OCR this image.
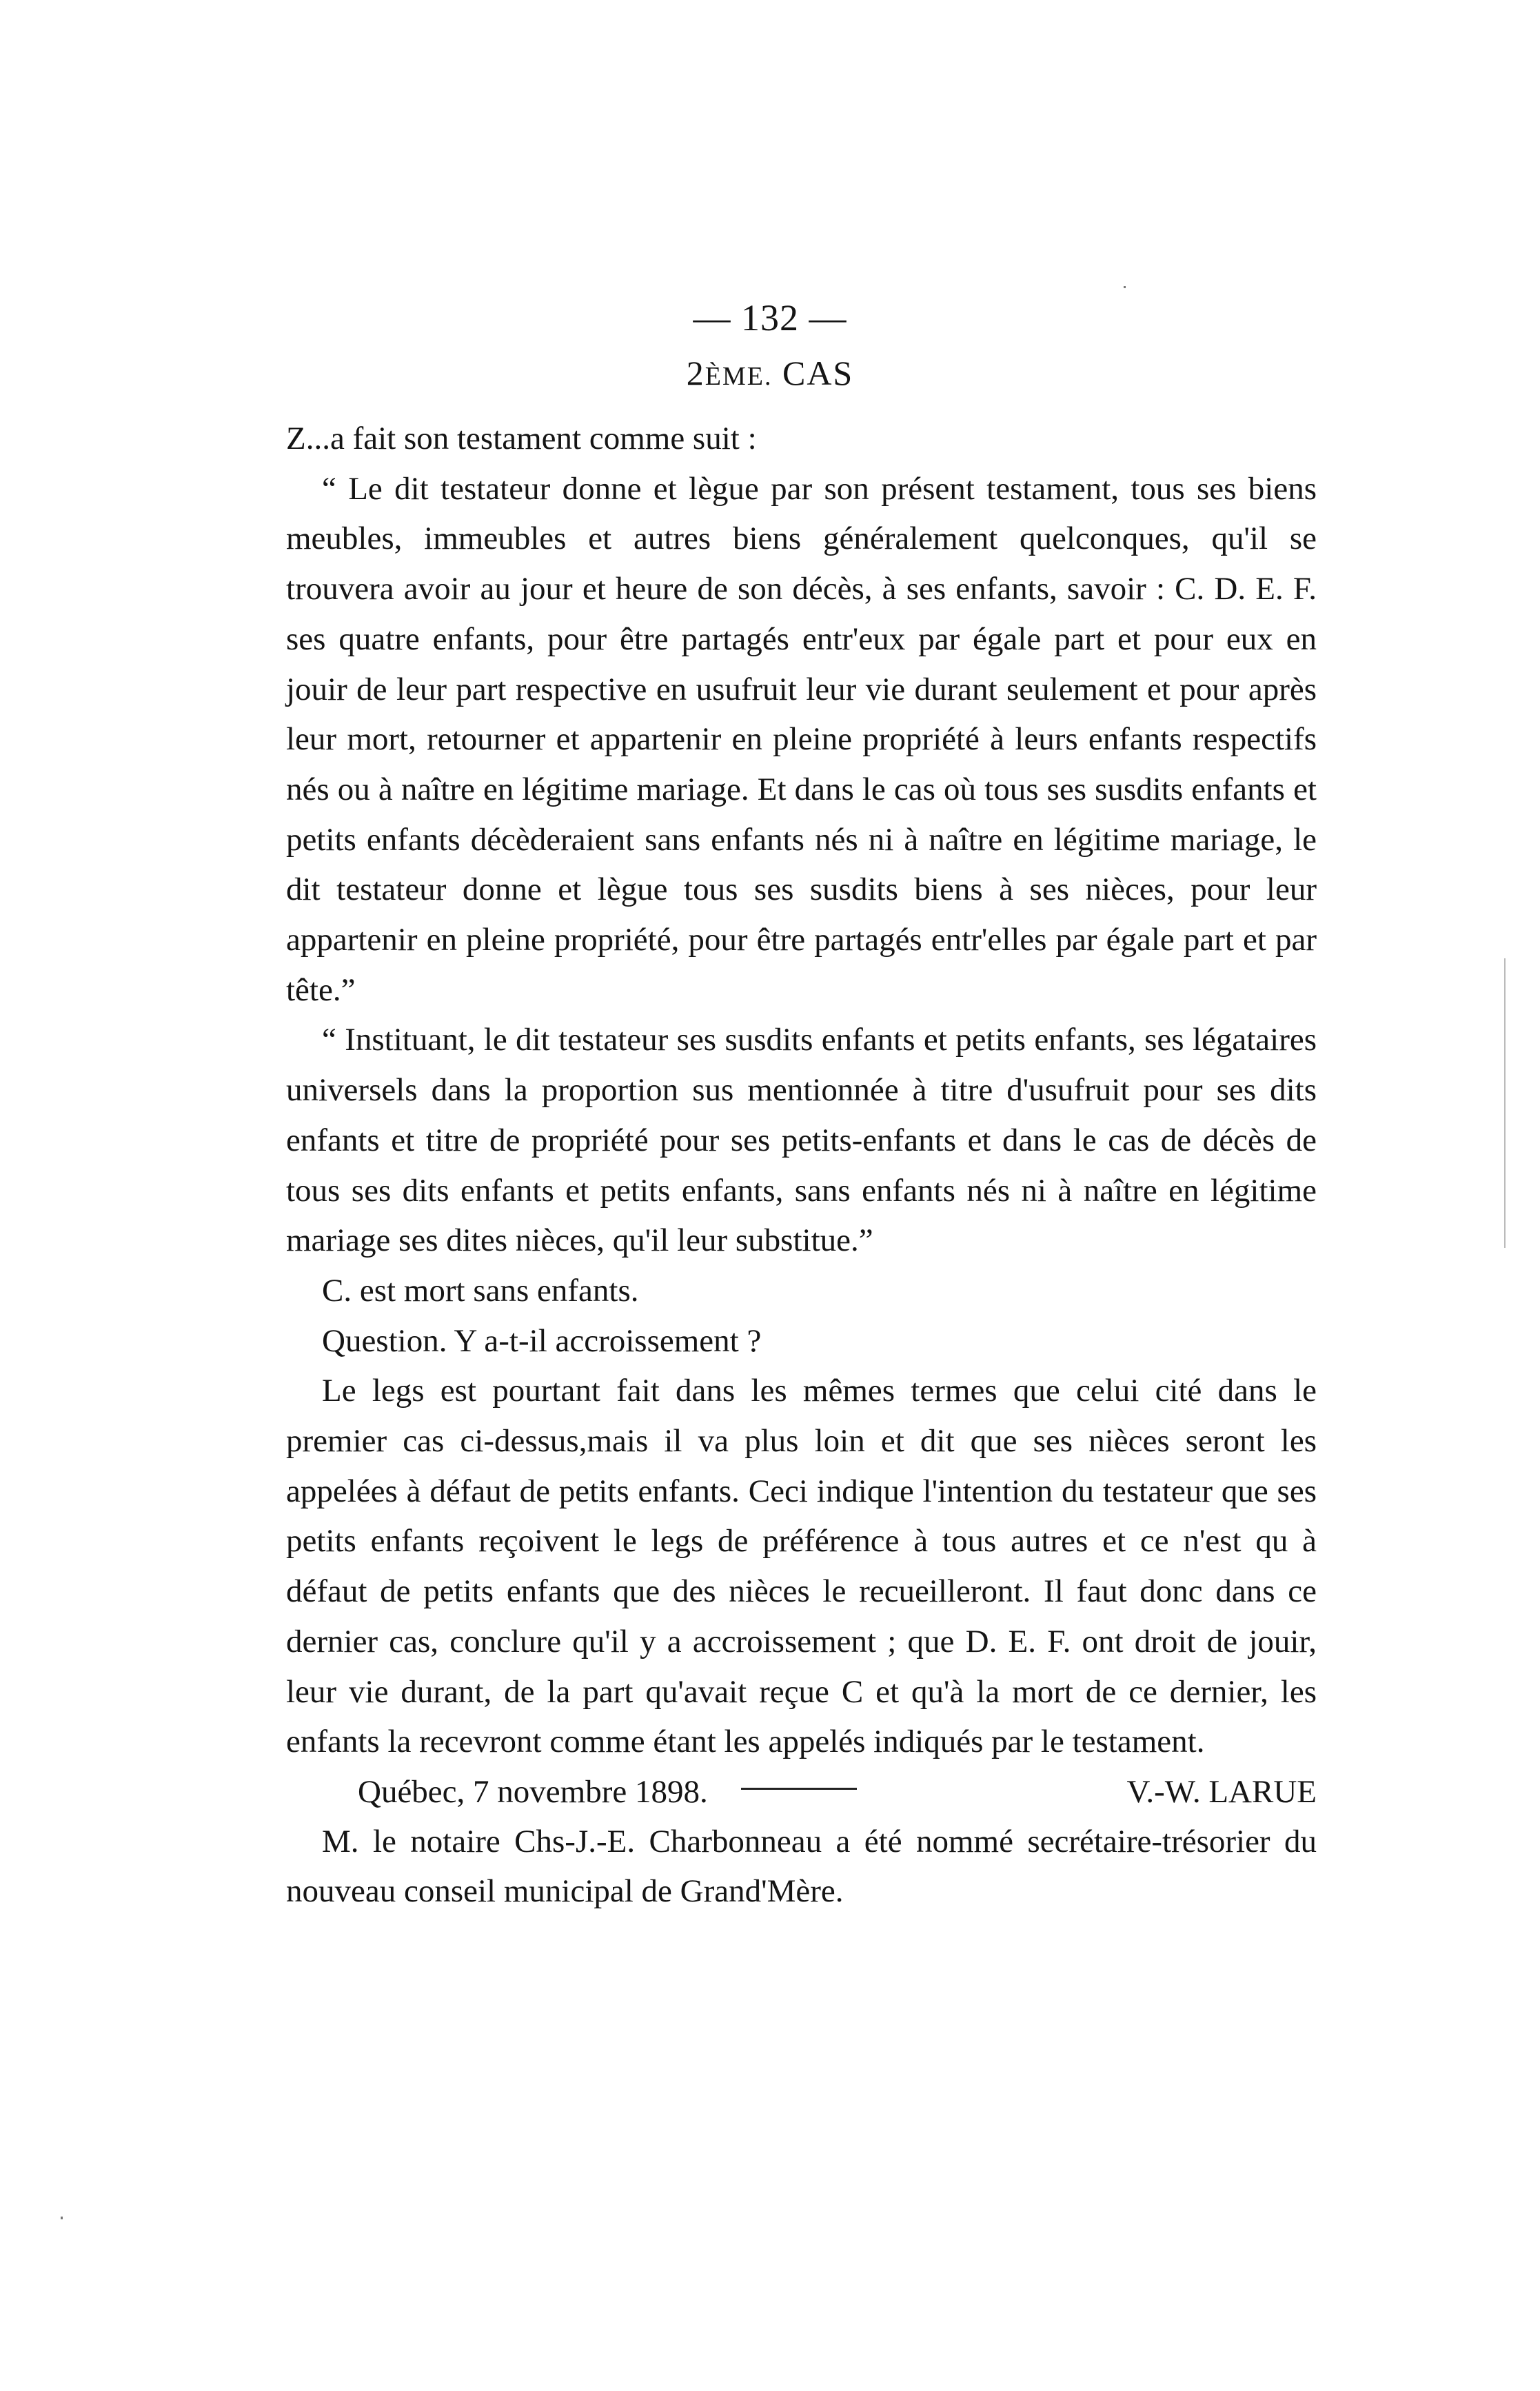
— 132 —
2ÈME. CAS

Z...a fait son testament comme suit :

“ Le dit testateur donne et lègue par son présent testament, tous ses biens meubles, immeubles et autres biens généralement quelconques, qu'il se trouvera avoir au jour et heure de son décès, à ses enfants, savoir : C. D. E. F. ses quatre enfants, pour être partagés entr'eux par égale part et pour eux en jouir de leur part respective en usufruit leur vie durant seulement et pour après leur mort, retourner et appartenir en pleine propriété à leurs enfants respectifs nés ou à naître en légitime mariage. Et dans le cas où tous ses susdits enfants et petits enfants décèderaient sans enfants nés ni à naître en légitime mariage, le dit testateur donne et lègue tous ses susdits biens à ses nièces, pour leur appartenir en pleine propriété, pour être partagés entr'elles par égale part et par tête.”

“ Instituant, le dit testateur ses susdits enfants et petits enfants, ses légataires universels dans la proportion sus mentionnée à titre d'usufruit pour ses dits enfants et titre de propriété pour ses petits-enfants et dans le cas de décès de tous ses dits enfants et petits enfants, sans enfants nés ni à naître en légitime mariage ses dites nièces, qu'il leur substitue.”

C. est mort sans enfants.

Question. Y a-t-il accroissement ?

Le legs est pourtant fait dans les mêmes termes que celui cité dans le premier cas ci-dessus,mais il va plus loin et dit que ses nièces seront les appelées à défaut de petits enfants. Ceci indique l'intention du testateur que ses petits enfants reçoivent le legs de préférence à tous autres et ce n'est qu à défaut de petits enfants que des nièces le recueilleront. Il faut donc dans ce dernier cas, conclure qu'il y a accroissement ; que D. E. F. ont droit de jouir, leur vie durant, de la part qu'avait reçue C et qu'à la mort de ce dernier, les enfants la recevront comme étant les appelés indiqués par le testament.

Québec, 7 novembre 1898.	V.-W. LARUE

M. le notaire Chs-J.-E. Charbonneau a été nommé secrétaire-trésorier du nouveau conseil municipal de Grand'Mère.
